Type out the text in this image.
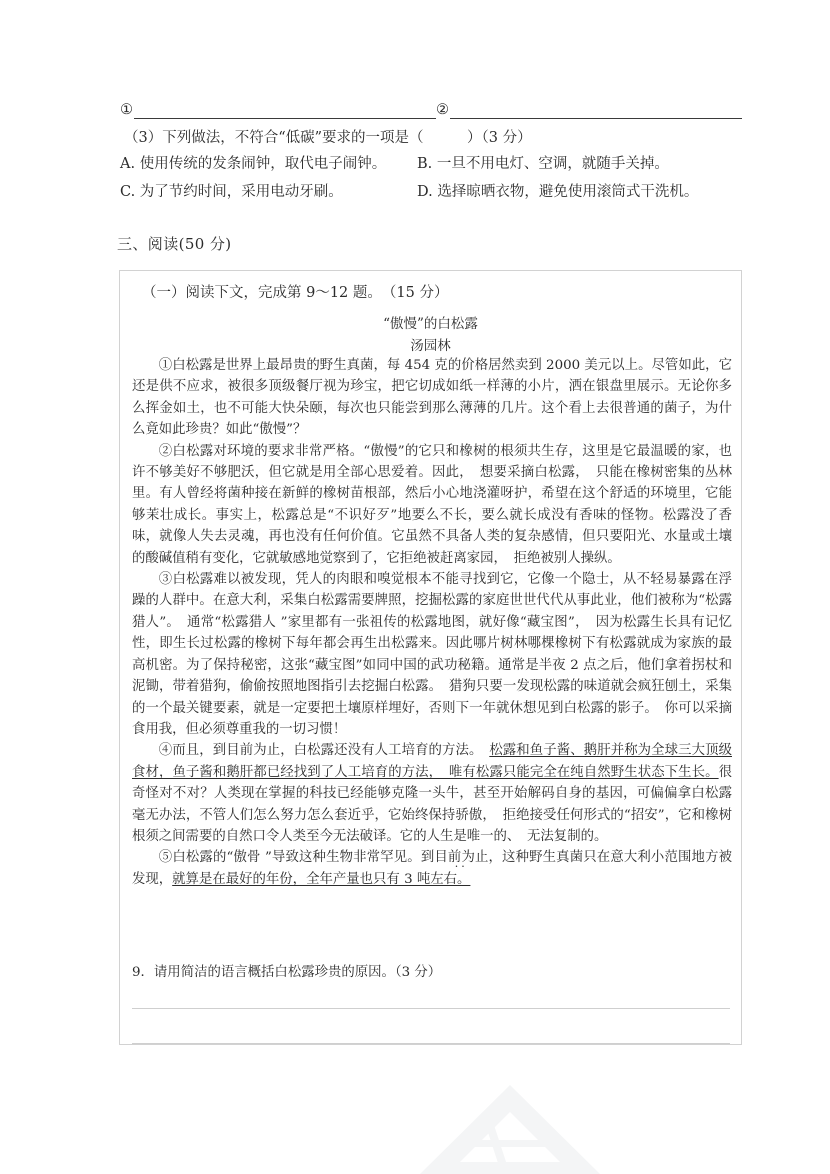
①	②
（3）下列做法，不符合“低碳”要求的一项是（　　　）（3 分）
A. 使用传统的发条闹钟，取代电子闹钟。	B. 一旦不用电灯、空调，就随手关掉。
C. 为了节约时间，采用电动牙刷。	D. 选择晾晒衣物，避免使用滚筒式干洗机。
三、阅读(50 分)
（一）阅读下文，完成第 9～12 题。　（15 分）
“傲慢”的白松露
汤园林

①白松露是世界上最昂贵的野生真菌，每 454 克的价格居然卖到 2000 美元以上。尽管如此，它还是供不应求，被很多顶级餐厅视为珍宝，把它切成如纸一样薄的小片，洒在银盘里展示。无论你多么挥金如土，也不可能大快朵颐，每次也只能尝到那么薄薄的几片。这个看上去很普通的菌子，为什么竟如此珍贵？如此“傲慢”？

②白松露对环境的要求非常严格。“傲慢”的它只和橡树的根须共生存，这里是它最温暖的家，也许不够美好不够肥沃，但它就是用全部心思爱着。因此，　想要采摘白松露，　只能在橡树密集的丛林里。有人曾经将菌种接在新鲜的橡树苗根部，然后小心地浇灌呀护，希望在这个舒适的环境里，它能够茉壮成长。事实上，松露总是“不识好歹”地要么不长，要么就长成没有香味的怪物。松露没了香味，就像人失去灵魂，再也没有任何价值。它虽然不具备人类的复杂感情，但只要阳光、水量或土壤的酸碱值稍有变化，它就敏感地觉察到了，它拒绝被赶离家园，　拒绝被别人操纵。

③白松露难以被发现，凭人的肉眼和嗅觉根本不能寻找到它，它像一个隐士，从不轻易暴露在浮躁的人群中。在意大利，采集白松露需要牌照，挖掘松露的家庭世世代代从事此业，他们被称为“松露猎人”。　通常“松露猎人 ”家里都有一张祖传的松露地图，就好像“藏宝图”，　因为松露生长具有记忆性，即生长过松露的橡树下每年都会再生出松露来。因此哪片树林哪棵橡树下有松露就成为家族的最高机密。为了保持秘密，这张“藏宝图”如同中国的武功秘籍。通常是半夜 2 点之后，他们拿着拐杖和泥锄，带着猎狗，偷偷按照地图指引去挖掘白松露。　猎狗只要一发现松露的味道就会疯狂刨土，采集的一个最关键要素，就是一定要把土壤原样埋好，否则下一年就休想见到白松露的影子。　你可以采摘食用我，但必须尊重我的一切习惯！

④而且，到目前为止，白松露还没有人工培育的方法。　松露和鱼子酱、鹅肝并称为全球三大顶级食材，鱼子酱和鹅肝都已经找到了人工培育的方法，　唯有松露只能完全在纯自然野生状态下生长。很奇怪对不对？人类现在掌握的科技已经能够克隆一头牛，甚至开始解码自身的基因，可偏偏拿白松露毫无办法，不管人们怎么努力怎么套近乎，它始终保持骄傲，　拒绝接受任何形式的“招安”，它和橡树根须之间需要的自然口令人类至今无法破译。它的人生是唯一的、　无法复制的。

⑤白松露的“傲骨 ”导致这种生物非常罕见。到目前 ··为止，这种野生真菌只在意大利小范围地方被发现，就算是在最好的年份，全年产量也只有 3 吨左右。

9．请用简洁的语言概括白松露珍贵的原因。（3 分）
